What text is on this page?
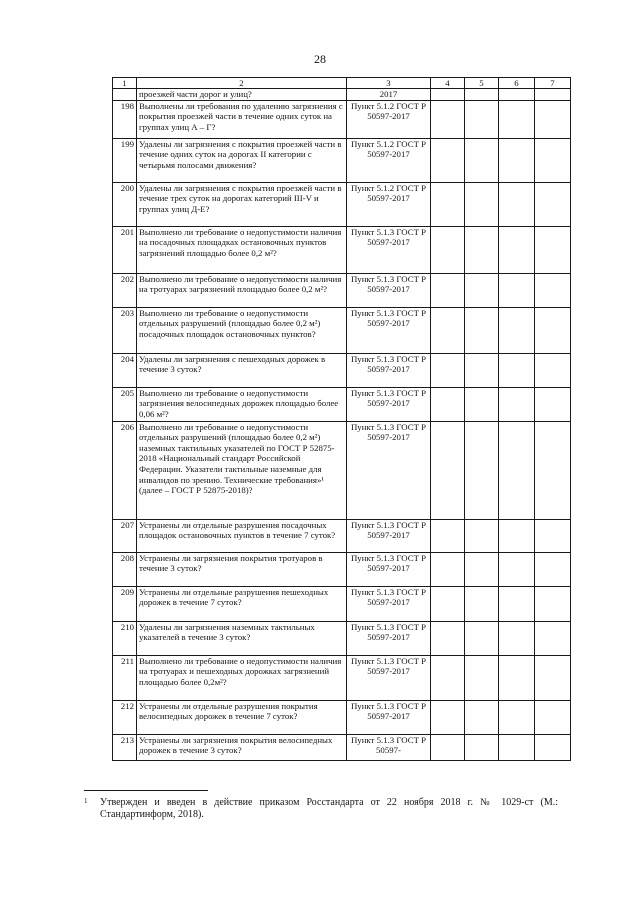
28
1	2	3	4	5	6	7
	проезжей части дорог и улиц?	2017				
198	Выполнены ли требования по удалению загрязнения с покрытия проезжей части в течение одних суток на группах улиц А – Г?	Пункт 5.1.2 ГОСТ Р 50597-2017				
199	Удалены ли загрязнения с покрытия проезжей части в течение одних суток на дорогах II категории с четырьмя полосами движения?	Пункт 5.1.2 ГОСТ Р 50597-2017				
200	Удалены ли загрязнения с покрытия проезжей части в течение трех суток на дорогах категорий III-V и группах улиц Д-Е?	Пункт 5.1.2 ГОСТ Р 50597-2017				
201	Выполнено ли требование о недопустимости наличия на посадочных площадках остановочных пунктов загрязнений площадью более 0,2 м²?	Пункт 5.1.3 ГОСТ Р 50597-2017				
202	Выполнено ли требование о недопустимости наличия на тротуарах загрязнений площадью более 0,2 м²?	Пункт 5.1.3 ГОСТ Р 50597-2017				
203	Выполнено ли требование о недопустимости отдельных разрушений (площадью более 0,2 м²) посадочных площадок остановочных пунктов?	Пункт 5.1.3 ГОСТ Р 50597-2017				
204	Удалены ли загрязнения с пешеходных дорожек в течение 3 суток?	Пункт 5.1.3 ГОСТ Р 50597-2017				
205	Выполнено ли требование о недопустимости загрязнения велосипедных дорожек площадью более 0,06 м²?	Пункт 5.1.3 ГОСТ Р 50597-2017				
206	Выполнено ли требование о недопустимости отдельных разрушений (площадью более 0,2 м²) наземных тактильных указателей по ГОСТ Р 52875-2018 «Национальный стандарт Российской Федерации. Указатели тактильные наземные для инвалидов по зрению. Технические требования»¹ (далее – ГОСТ Р 52875-2018)?	Пункт 5.1.3 ГОСТ Р 50597-2017				
207	Устранены ли отдельные разрушения посадочных площадок остановочных пунктов в течение 7 суток?	Пункт 5.1.3 ГОСТ Р 50597-2017				
208	Устранены ли загрязнения покрытия тротуаров в течение 3 суток?	Пункт 5.1.3 ГОСТ Р 50597-2017				
209	Устранены ли отдельные разрушения пешеходных дорожек в течение 7 суток?	Пункт 5.1.3 ГОСТ Р 50597-2017				
210	Удалены ли загрязнения наземных тактильных указателей в течение 3 суток?	Пункт 5.1.3 ГОСТ Р 50597-2017				
211	Выполнено ли требование о недопустимости наличия на тротуарах и пешеходных дорожках загрязнений площадью более 0,2м²?	Пункт 5.1.3 ГОСТ Р 50597-2017				
212	Устранены ли отдельные разрушения покрытия велосипедных дорожек в течение 7 суток?	Пункт 5.1.3 ГОСТ Р 50597-2017				
213	Устранены ли загрязнения покрытия велосипедных дорожек в течение 3 суток?	Пункт 5.1.3 ГОСТ Р 50597-				
1	Утвержден и введен в действие приказом Росстандарта от 22 ноября 2018 г. № 1029-ст (М.: Стандартинформ, 2018).
